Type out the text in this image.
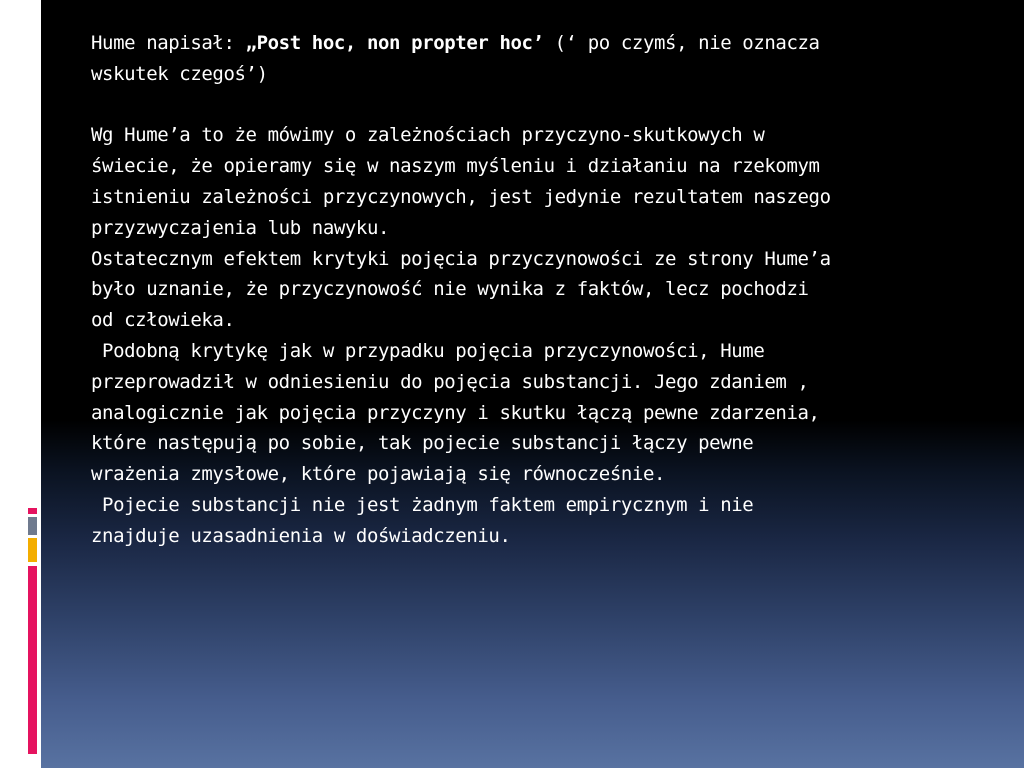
Hume napisał: „Post hoc, non propter hoc’ (‘ po czymś, nie oznacza
wskutek czegoś’)
Wg Hume’a to że mówimy o zależnościach przyczyno-skutkowych w
świecie, że opieramy się w naszym myśleniu i działaniu na rzekomym
istnieniu zależności przyczynowych, jest jedynie rezultatem naszego
przyzwyczajenia lub nawyku.
Ostatecznym efektem krytyki pojęcia przyczynowości ze strony Hume’a
było uznanie, że przyczynowość nie wynika z faktów, lecz pochodzi
od człowieka.
Podobną krytykę jak w przypadku pojęcia przyczynowości, Hume
przeprowadził w odniesieniu do pojęcia substancji. Jego zdaniem ,
analogicznie jak pojęcia przyczyny i skutku łączą pewne zdarzenia,
które następują po sobie, tak pojecie substancji łączy pewne
wrażenia zmysłowe, które pojawiają się równocześnie.
Pojecie substancji nie jest żadnym faktem empirycznym i nie
znajduje uzasadnienia w doświadczeniu.
